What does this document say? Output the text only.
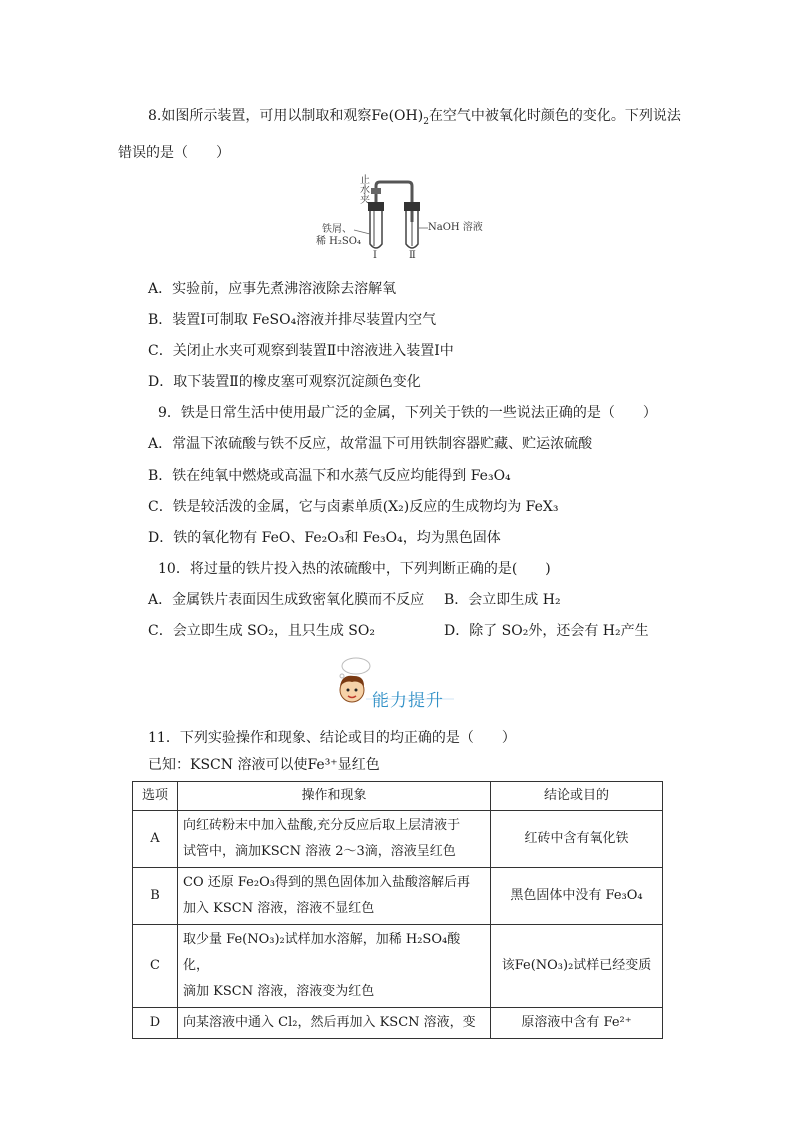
8.如图所示装置，可用以制取和观察$Fe(OH)_2$在空气中被氧化时颜色的变化。下列说法
错误的是（　　）
止水夹
铁屑、
稀 H₂SO₄
NaOH 溶液
Ⅰ	Ⅱ
A．实验前，应事先煮沸溶液除去溶解氧
B．装置Ⅰ可制取 FeSO₄溶液并排尽装置内空气
C．关闭止水夹可观察到装置Ⅱ中溶液进入装置Ⅰ中
D．取下装置Ⅱ的橡皮塞可观察沉淀颜色变化
9．铁是日常生活中使用最广泛的金属，下列关于铁的一些说法正确的是（　　）
A．常温下浓硫酸与铁不反应，故常温下可用铁制容器贮藏、贮运浓硫酸
B．铁在纯氧中燃烧或高温下和水蒸气反应均能得到 Fe₃O₄
C．铁是较活泼的金属，它与卤素单质(X₂)反应的生成物均为 FeX₃
D．铁的氧化物有 FeO、Fe₂O₃和 Fe₃O₄，均为黑色固体
10．将过量的铁片投入热的浓硫酸中，下列判断正确的是(　　)
A．金属铁片表面因生成致密氧化膜而不反应 B．会立即生成 H₂
C．会立即生成 SO₂，且只生成 SO₂	D．除了 SO₂外，还会有 H₂产生
能力提升
11．下列实验操作和现象、结论或目的均正确的是（　　）
已知：KSCN 溶液可以使Fe³⁺显红色
选项	操作和现象	结论或目的
A	向红砖粉末中加入盐酸,充分反应后取上层清液于
试管中，滴加KSCN 溶液 2～3滴，溶液呈红色	红砖中含有氧化铁
B	CO 还原 Fe₂O₃得到的黑色固体加入盐酸溶解后再
加入 KSCN 溶液，溶液不显红色	黑色固体中没有 Fe₃O₄
C	取少量 Fe(NO₃)₂试样加水溶解，加稀 H₂SO₄酸化，
滴加 KSCN 溶液，溶液变为红色	该Fe(NO₃)₂试样已经变质
D	向某溶液中通入 Cl₂，然后再加入 KSCN 溶液，变	原溶液中含有 Fe²⁺
